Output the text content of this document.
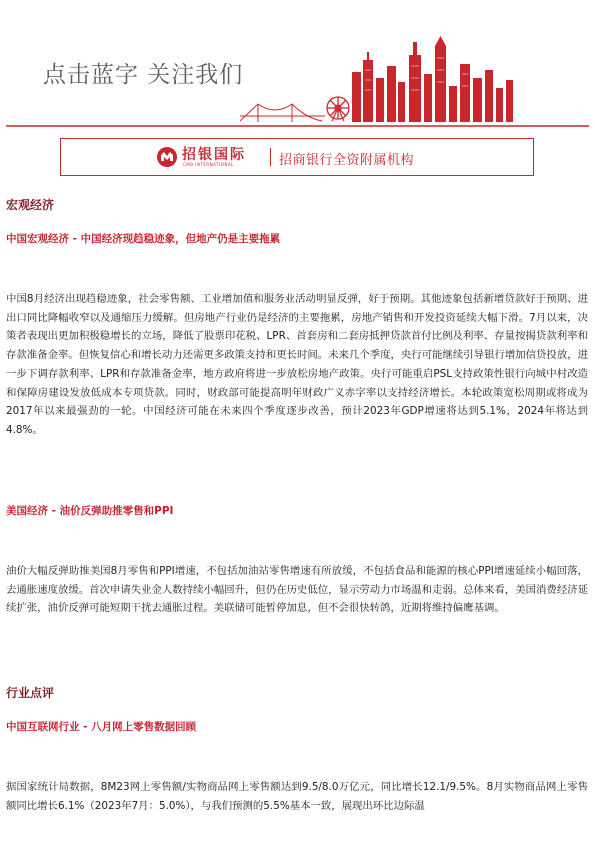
点击蓝字 关注我们
招银国际
CMB INTERNATIONAL	招商银行全资附属机构
宏观经济
中国宏观经济 - 中国经济现趋稳迹象，但地产仍是主要拖累

中国8月经济出现趋稳迹象，社会零售额、工业增加值和服务业活动明显反弹，好于预期。其他迹象包括新增贷款好于预期、进出口同比降幅收窄以及通缩压力缓解。但房地产行业仍是经济的主要拖累，房地产销售和开发投资延续大幅下滑。7月以来，决策者表现出更加积极稳增长的立场，降低了股票印花税、LPR、首套房和二套房抵押贷款首付比例及利率、存量按揭贷款利率和存款准备金率。但恢复信心和增长动力还需更多政策支持和更长时间。未来几个季度，央行可能继续引导银行增加信贷投放，进一步下调存款利率、LPR和存款准备金率，地方政府将进一步放松房地产政策。央行可能重启PSL支持政策性银行向城中村改造和保障房建设发放低成本专项贷款。同时，财政部可能提高明年财政广义赤字率以支持经济增长。本轮政策宽松周期或将成为2017年以来最强劲的一轮。中国经济可能在未来四个季度逐步改善，预计2023年GDP增速将达到5.1%，2024年将达到4.8%。

美国经济 - 油价反弹助推零售和PPI

油价大幅反弹助推美国8月零售和PPI增速，不包括加油站零售增速有所放缓，不包括食品和能源的核心PPI增速延续小幅回落，去通胀速度放缓。首次申请失业金人数持续小幅回升，但仍在历史低位，显示劳动力市场温和走弱。总体来看，美国消费经济延续扩张，油价反弹可能短期干扰去通胀过程。美联储可能暂停加息，但不会很快转鸽，近期将维持偏鹰基调。

行业点评
中国互联网行业 - 八月网上零售数据回顾

据国家统计局数据，8M23网上零售额/实物商品网上零售额达到9.5/8.0万亿元，同比增长12.1/9.5%。8月实物商品网上零售额同比增长6.1%（2023年7月：5.0%），与我们预测的5.5%基本一致，展现出环比边际温
